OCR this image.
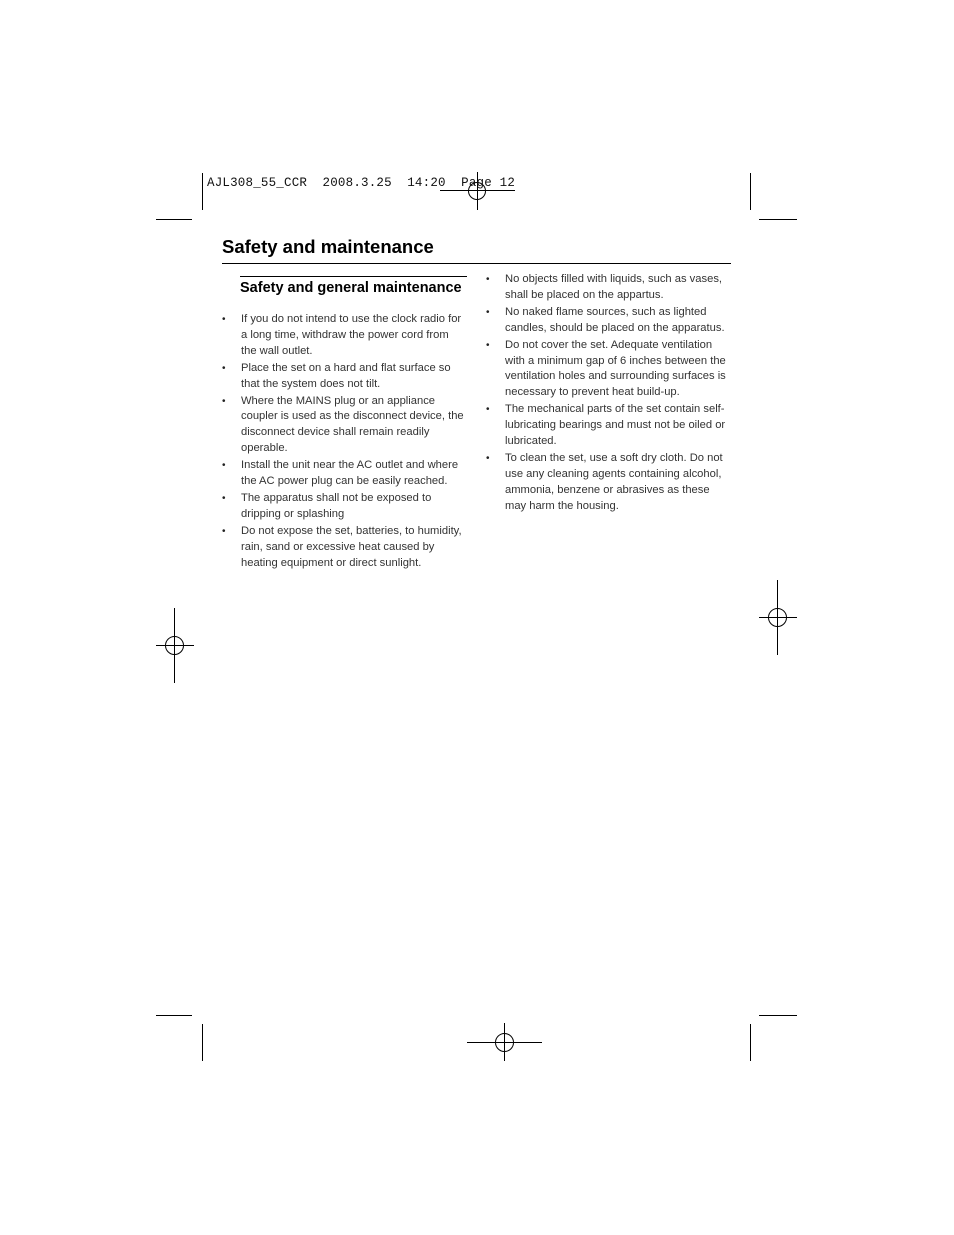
AJL308_55_CCR  2008.3.25  14:20  Page 12
Safety and maintenance
Safety and general maintenance
• If you do not intend to use the clock radio for a long time, withdraw the power cord from the wall outlet.
• Place the set on a hard and flat surface so that the system does not tilt.
• Where the MAINS plug or an appliance coupler is used as the disconnect device, the disconnect device shall remain readily operable.
• Install the unit near the AC outlet and where the AC power plug can be easily reached.
• The apparatus shall not be exposed to dripping or splashing
• Do not expose the set, batteries, to humidity, rain, sand or excessive heat caused by heating equipment or direct sunlight.
• No objects filled with liquids, such as vases, shall be placed on the appartus.
• No naked flame sources, such as lighted candles, should be placed on the apparatus.
• Do not cover the set. Adequate ventilation with a minimum gap of 6 inches between the ventilation holes and surrounding surfaces is necessary to prevent heat build-up.
• The mechanical parts of the set contain self-lubricating bearings and must not be oiled or lubricated.
• To clean the set, use a soft dry cloth. Do not use any cleaning agents containing alcohol, ammonia, benzene or abrasives as these may harm the housing.
